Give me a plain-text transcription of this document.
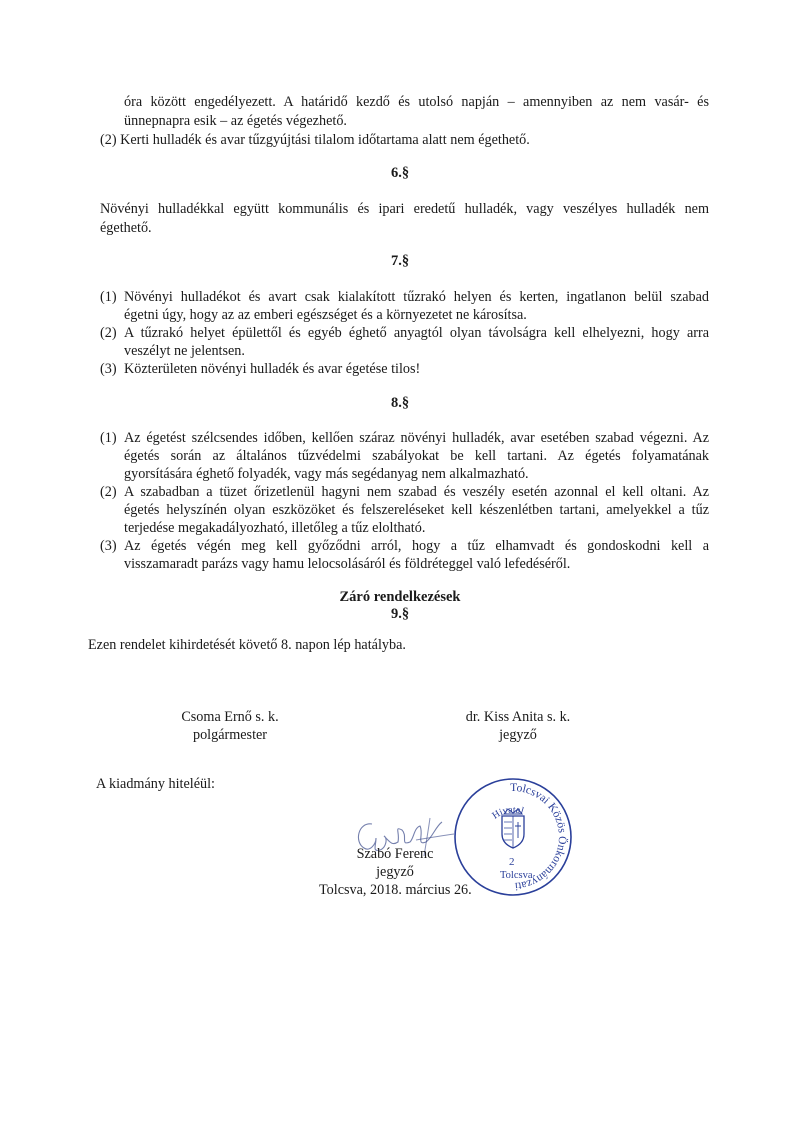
óra között engedélyezett. A határidő kezdő és utolsó napján – amennyiben az nem vasár- és
ünnepnapra esik – az égetés végezhető.
(2) Kerti hulladék és avar tűzgyújtási tilalom időtartama alatt nem égethető.
6.§
Növényi hulladékkal együtt kommunális és ipari eredetű hulladék, vagy veszélyes hulladék nem
égethető.
7.§
(1) Növényi hulladékot és avart csak kialakított tűzrakó helyen és kerten, ingatlanon belül szabad
égetni úgy, hogy az az emberi egészséget és a környezetet ne károsítsa.
(2) A tűzrakó helyet épülettől és egyéb éghető anyagtól olyan távolságra kell elhelyezni, hogy arra
veszélyt ne jelentsen.
(3) Közterületen növényi hulladék és avar égetése tilos!
8.§
(1) Az égetést szélcsendes időben, kellően száraz növényi hulladék, avar esetében szabad végezni. Az
égetés során az általános tűzvédelmi szabályokat be kell tartani. Az égetés folyamatának
gyorsítására éghető folyadék, vagy más segédanyag nem alkalmazható.
(2) A szabadban a tüzet őrizetlenül hagyni nem szabad és veszély esetén azonnal el kell oltani. Az
égetés helyszínén olyan eszközöket és felszereléseket kell készenlétben tartani, amelyekkel a tűz
terjedése megakadályozható, illetőleg a tűz eloltható.
(3) Az égetés végén meg kell győződni arról, hogy a tűz elhamvadt és gondoskodni kell a
visszamaradt parázs vagy hamu lelocsolásáról és földréteggel való lefedéséről.
Záró rendelkezések
9.§
Ezen rendelet kihirdetését követő 8. napon lép hatályba.
Csoma Ernő s. k.
polgármester
dr. Kiss Anita s. k.
jegyző
A kiadmány hiteléül:
Szabó Ferenc
jegyző
Tolcsva, 2018. március 26.
Tolcsvai Közös Önkormányzati
Hivatal
2
Tolcsva
